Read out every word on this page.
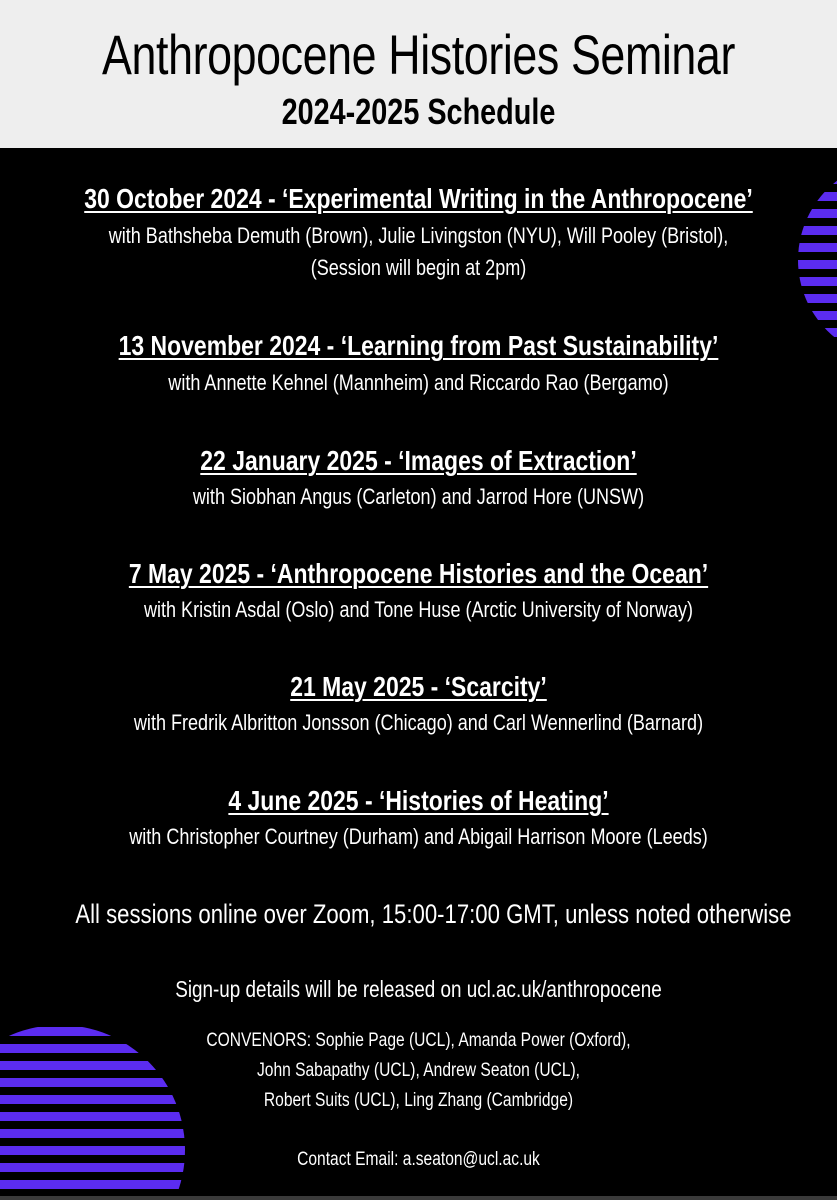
Anthropocene Histories Seminar
2024-2025 Schedule
30 October 2024 - ‘Experimental Writing in the Anthropocene’
with Bathsheba Demuth (Brown), Julie Livingston (NYU), Will Pooley (Bristol),
(Session will begin at 2pm)
13 November 2024 - ‘Learning from Past Sustainability’
with Annette Kehnel (Mannheim) and Riccardo Rao (Bergamo)
22 January 2025 - ‘Images of Extraction’
with Siobhan Angus (Carleton) and Jarrod Hore (UNSW)
7 May 2025 - ‘Anthropocene Histories and the Ocean’
with Kristin Asdal (Oslo) and Tone Huse (Arctic University of Norway)
21 May 2025 - ‘Scarcity’
with Fredrik Albritton Jonsson (Chicago) and Carl Wennerlind (Barnard)
4 June 2025 - ‘Histories of Heating’
with Christopher Courtney (Durham) and Abigail Harrison Moore (Leeds)
All sessions online over Zoom, 15:00-17:00 GMT, unless noted otherwise
Sign-up details will be released on ucl.ac.uk/anthropocene
CONVENORS: Sophie Page (UCL), Amanda Power (Oxford),
John Sabapathy (UCL), Andrew Seaton (UCL),
Robert Suits (UCL), Ling Zhang (Cambridge)
Contact Email: a.seaton@ucl.ac.uk
